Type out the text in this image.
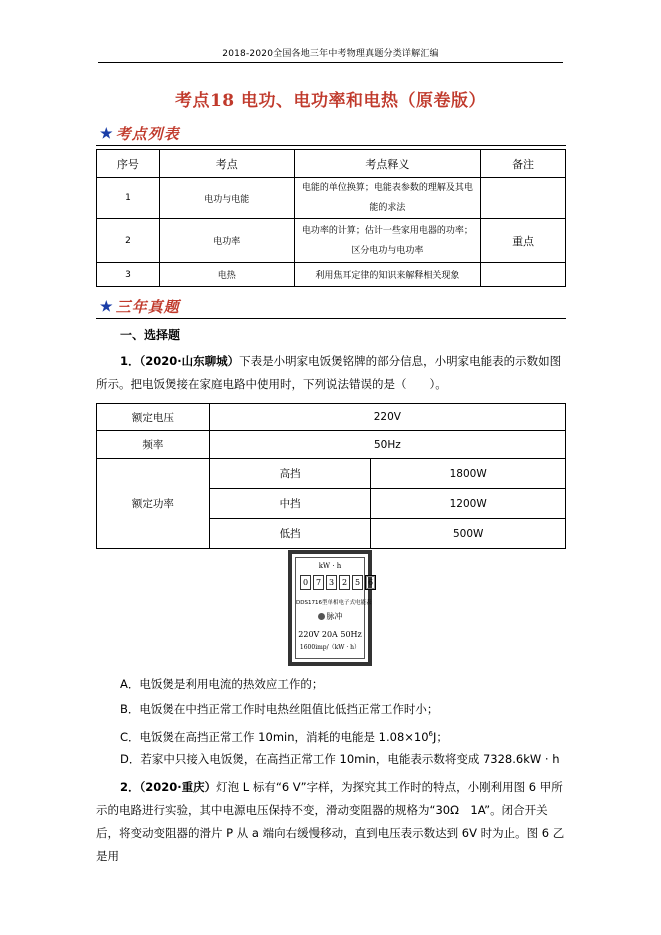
2018-2020全国各地三年中考物理真题分类详解汇编
考点18 电功、电功率和电热（原卷版）
★ 考点列表
序号	考点	考点释义	备注
1	电功与电能	电能的单位换算；电能表参数的理解及其电能的求法	
2	电功率	电功率的计算；估计一些家用电器的功率；区分电功与电功率	重点
3	电热	利用焦耳定律的知识来解释相关现象	
★ 三年真题
一、选择题
1．（2020·山东聊城）下表是小明家电饭煲铭牌的部分信息，小明家电能表的示数如图所示。把电饭煲接在家庭电路中使用时，下列说法错误的是（　　）。
额定电压	220V	
频率	50Hz	
额定功率	高挡	1800W
	中挡	1200W
	低挡	500W
kW · h
0 7 3 2 5 6
DDS1716型单相电子式电能表
脉冲
220V 20A 50Hz
1600imp/（kW · h）
A．电饭煲是利用电流的热效应工作的；
B．电饭煲在中挡正常工作时电热丝阻值比低挡正常工作时小；
C．电饭煲在高挡正常工作 10min，消耗的电能是 $1.08\times 10^6J$；
D．若家中只接入电饭煲，在高挡正常工作 10min，电能表示数将变成 7328.6kW · h
2．（2020·重庆）灯泡 L 标有“6 V”字样，为探究其工作时的特点，小刚利用图 6 甲所示的电路进行实验，其中电源电压保持不变，滑动变阻器的规格为“30Ω　1A”。闭合开关后，将变动变阻器的滑片 P 从 a 端向右缓慢移动，直到电压表示数达到 6V 时为止。图 6 乙是用
